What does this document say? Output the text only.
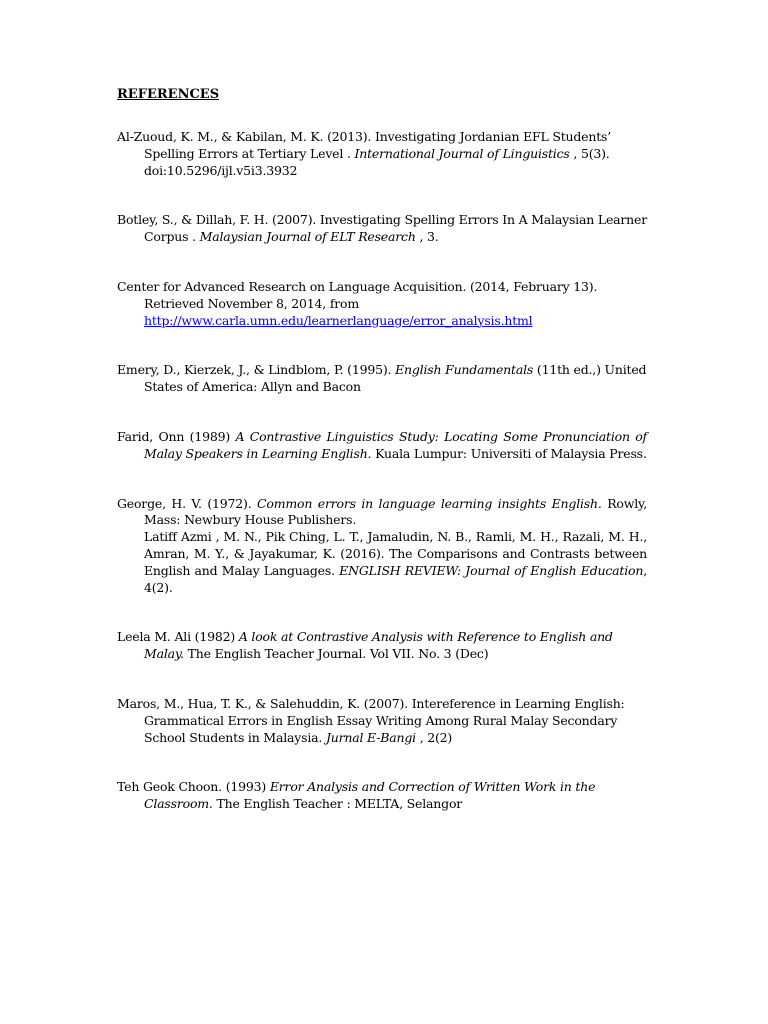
REFERENCES

Al-Zuoud, K. M., & Kabilan, M. K. (2013). Investigating Jordanian EFL Students’ Spelling Errors at Tertiary Level . International Journal of Linguistics , 5(3). doi:10.5296/ijl.v5i3.3932

Botley, S., & Dillah, F. H. (2007). Investigating Spelling Errors In A Malaysian Learner Corpus . Malaysian Journal of ELT Research , 3.

Center for Advanced Research on Language Acquisition. (2014, February 13). Retrieved November 8, 2014, from http://www.carla.umn.edu/learnerlanguage/error_analysis.html

Emery, D., Kierzek, J., & Lindblom, P. (1995). English Fundamentals (11th ed.,) United States of America: Allyn and Bacon

Farid, Onn (1989) A Contrastive Linguistics Study: Locating Some Pronunciation of Malay Speakers in Learning English. Kuala Lumpur: Universiti of Malaysia Press.

George, H. V. (1972). Common errors in language learning insights English. Rowly, Mass: Newbury House Publishers.
Latiff Azmi , M. N., Pik Ching, L. T., Jamaludin, N. B., Ramli, M. H., Razali, M. H., Amran, M. Y., & Jayakumar, K. (2016). The Comparisons and Contrasts between English and Malay Languages. ENGLISH REVIEW: Journal of English Education, 4(2).

Leela M. Ali (1982) A look at Contrastive Analysis with Reference to English and Malay. The English Teacher Journal. Vol VII. No. 3 (Dec)

Maros, M., Hua, T. K., & Salehuddin, K. (2007). Intereference in Learning English: Grammatical Errors in English Essay Writing Among Rural Malay Secondary School Students in Malaysia. Jurnal E-Bangi , 2(2)

Teh Geok Choon. (1993) Error Analysis and Correction of Written Work in the Classroom. The English Teacher : MELTA, Selangor
